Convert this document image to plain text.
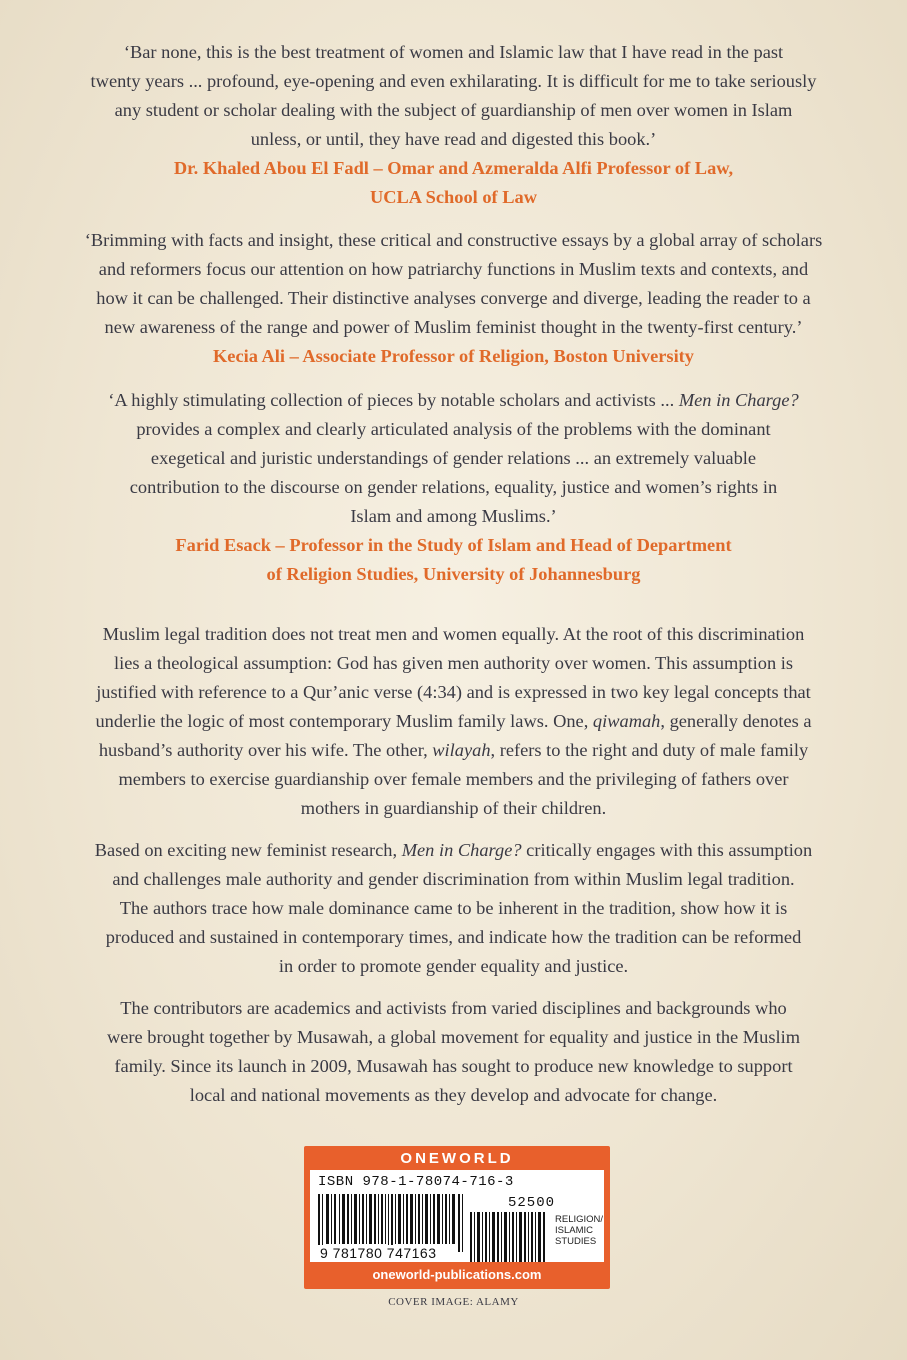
‘Bar none, this is the best treatment of women and Islamic law that I have read in the past
twenty years ... profound, eye-opening and even exhilarating. It is difficult for me to take seriously
any student or scholar dealing with the subject of guardianship of men over women in Islam
unless, or until, they have read and digested this book.’
Dr. Khaled Abou El Fadl – Omar and Azmeralda Alfi Professor of Law,
UCLA School of Law
‘Brimming with facts and insight, these critical and constructive essays by a global array of scholars
and reformers focus our attention on how patriarchy functions in Muslim texts and contexts, and
how it can be challenged. Their distinctive analyses converge and diverge, leading the reader to a
new awareness of the range and power of Muslim feminist thought in the twenty-first century.’
Kecia Ali – Associate Professor of Religion, Boston University
‘A highly stimulating collection of pieces by notable scholars and activists ... Men in Charge?
provides a complex and clearly articulated analysis of the problems with the dominant
exegetical and juristic understandings of gender relations ... an extremely valuable
contribution to the discourse on gender relations, equality, justice and women’s rights in
Islam and among Muslims.’
Farid Esack – Professor in the Study of Islam and Head of Department
of Religion Studies, University of Johannesburg
Muslim legal tradition does not treat men and women equally. At the root of this discrimination
lies a theological assumption: God has given men authority over women. This assumption is
justified with reference to a Qur’anic verse (4:34) and is expressed in two key legal concepts that
underlie the logic of most contemporary Muslim family laws. One, qiwamah, generally denotes a
husband’s authority over his wife. The other, wilayah, refers to the right and duty of male family
members to exercise guardianship over female members and the privileging of fathers over
mothers in guardianship of their children.
Based on exciting new feminist research, Men in Charge? critically engages with this assumption
and challenges male authority and gender discrimination from within Muslim legal tradition.
The authors trace how male dominance came to be inherent in the tradition, show how it is
produced and sustained in contemporary times, and indicate how the tradition can be reformed
in order to promote gender equality and justice.
The contributors are academics and activists from varied disciplines and backgrounds who
were brought together by Musawah, a global movement for equality and justice in the Muslim
family. Since its launch in 2009, Musawah has sought to produce new knowledge to support
local and national movements as they develop and advocate for change.
ONEWORLD
ISBN 978-1-78074-716-3
52500
9 781780 747163
RELIGION/
ISLAMIC
STUDIES
oneworld-publications.com
COVER IMAGE: ALAMY
